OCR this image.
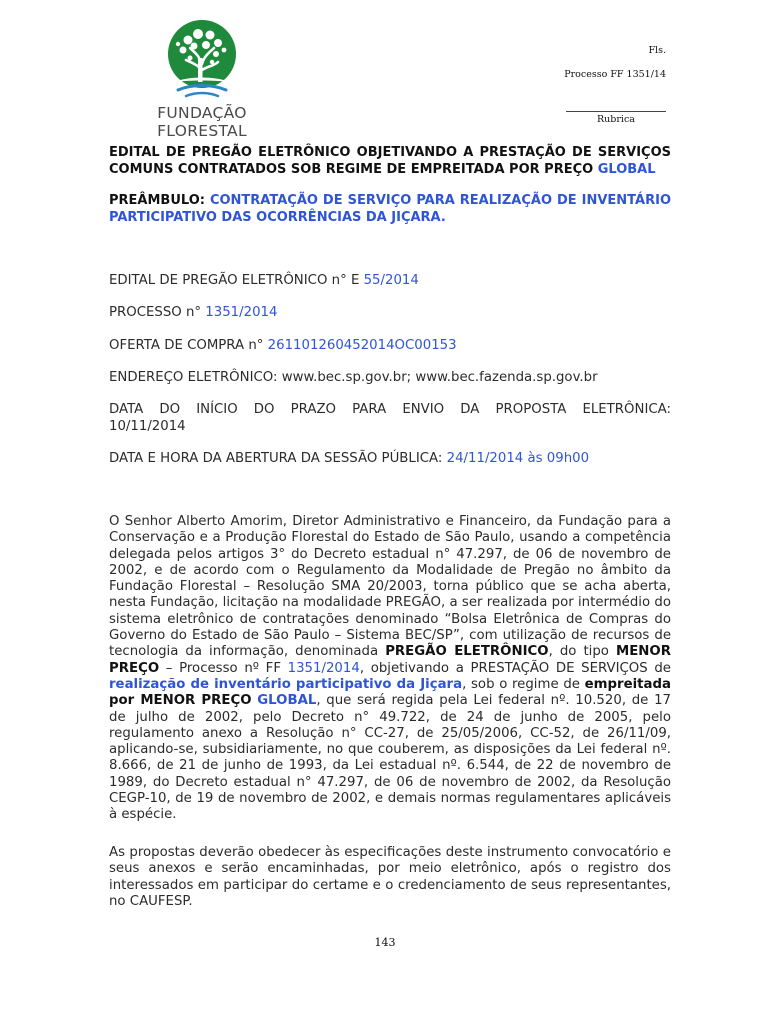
FUNDAÇÃO FLORESTAL
Fls.
Processo FF 1351/14
Rubrica
EDITAL DE PREGÃO ELETRÔNICO OBJETIVANDO A PRESTAÇÃO DE SERVIÇOS COMUNS CONTRATADOS SOB REGIME DE EMPREITADA POR PREÇO GLOBAL
PREÂMBULO: CONTRATAÇÃO DE SERVIÇO PARA REALIZAÇÃO DE INVENTÁRIO PARTICIPATIVO DAS OCORRÊNCIAS DA JIÇARA.
EDITAL DE PREGÃO ELETRÔNICO n° E 55/2014
PROCESSO n° 1351/2014
OFERTA DE COMPRA n° 261101260452014OC00153
ENDEREÇO ELETRÔNICO: www.bec.sp.gov.br; www.bec.fazenda.sp.gov.br
DATA DO INÍCIO DO PRAZO PARA ENVIO DA PROPOSTA ELETRÔNICA:
10/11/2014
DATA E HORA DA ABERTURA DA SESSÃO PÚBLICA: 24/11/2014 às 09h00
O Senhor Alberto Amorim, Diretor Administrativo e Financeiro, da Fundação para a Conservação e a Produção Florestal do Estado de São Paulo, usando a competência delegada pelos artigos 3° do Decreto estadual n° 47.297, de 06 de novembro de 2002, e de acordo com o Regulamento da Modalidade de Pregão no âmbito da Fundação Florestal – Resolução SMA 20/2003, torna público que se acha aberta, nesta Fundação, licitação na modalidade PREGÃO, a ser realizada por intermédio do sistema eletrônico de contratações denominado “Bolsa Eletrônica de Compras do Governo do Estado de São Paulo – Sistema BEC/SP”, com utilização de recursos de tecnologia da informação, denominada PREGÃO ELETRÔNICO, do tipo MENOR PREÇO – Processo nº FF 1351/2014, objetivando a PRESTAÇÃO DE SERVIÇOS de realização de inventário participativo da Jiçara, sob o regime de empreitada por MENOR PREÇO GLOBAL, que será regida pela Lei federal nº. 10.520, de 17 de julho de 2002, pelo Decreto n° 49.722, de 24 de junho de 2005, pelo regulamento anexo a Resolução n° CC-27, de 25/05/2006, CC-52, de 26/11/09, aplicando-se, subsidiariamente, no que couberem, as disposições da Lei federal nº. 8.666, de 21 de junho de 1993, da Lei estadual nº. 6.544, de 22 de novembro de 1989, do Decreto estadual n° 47.297, de 06 de novembro de 2002, da Resolução CEGP-10, de 19 de novembro de 2002, e demais normas regulamentares aplicáveis à espécie.
As propostas deverão obedecer às especificações deste instrumento convocatório e seus anexos e serão encaminhadas, por meio eletrônico, após o registro dos interessados em participar do certame e o credenciamento de seus representantes, no CAUFESP.
143
